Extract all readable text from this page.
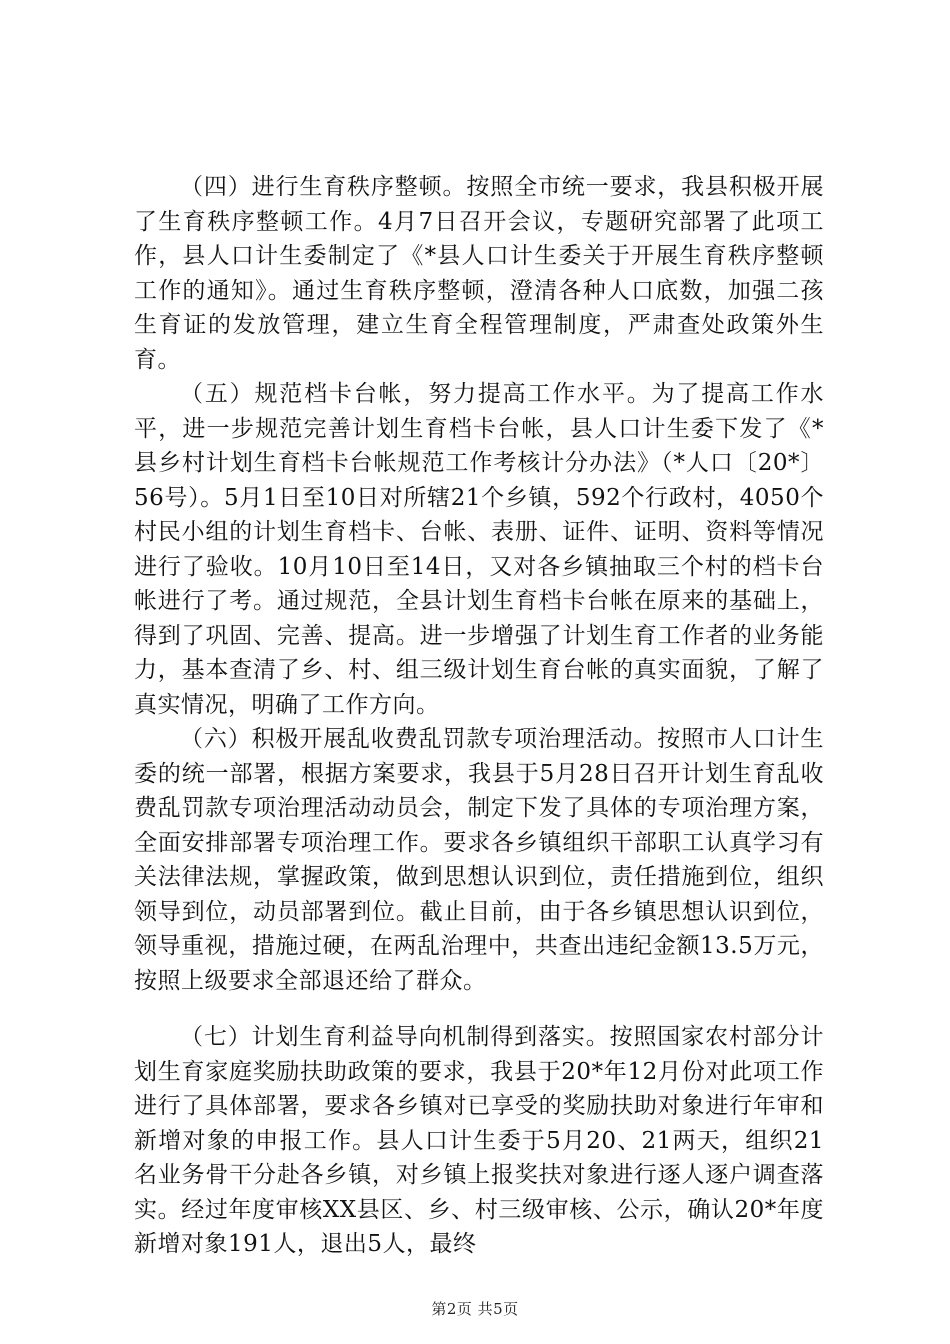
（四）进行生育秩序整顿。按照全市统一要求，我县积极开展了生育秩序整顿工作。4月7日召开会议，专题研究部署了此项工作，县人口计生委制定了《*县人口计生委关于开展生育秩序整顿工作的通知》。通过生育秩序整顿，澄清各种人口底数，加强二孩生育证的发放管理，建立生育全程管理制度，严肃查处政策外生育。

（五）规范档卡台帐，努力提高工作水平。为了提高工作水平，进一步规范完善计划生育档卡台帐，县人口计生委下发了《*县乡村计划生育档卡台帐规范工作考核计分办法》（*人口〔20*〕56号）。5月1日至10日对所辖21个乡镇，592个行政村，4050个村民小组的计划生育档卡、台帐、表册、证件、证明、资料等情况进行了验收。10月10日至14日，又对各乡镇抽取三个村的档卡台帐进行了考。通过规范，全县计划生育档卡台帐在原来的基础上，得到了巩固、完善、提高。进一步增强了计划生育工作者的业务能力，基本查清了乡、村、组三级计划生育台帐的真实面貌，了解了真实情况，明确了工作方向。

（六）积极开展乱收费乱罚款专项治理活动。按照市人口计生委的统一部署，根据方案要求，我县于5月28日召开计划生育乱收费乱罚款专项治理活动动员会，制定下发了具体的专项治理方案，全面安排部署专项治理工作。要求各乡镇组织干部职工认真学习有关法律法规，掌握政策，做到思想认识到位，责任措施到位，组织领导到位，动员部署到位。截止目前，由于各乡镇思想认识到位，领导重视，措施过硬，在两乱治理中，共查出违纪金额13.5万元，按照上级要求全部退还给了群众。

（七）计划生育利益导向机制得到落实。按照国家农村部分计划生育家庭奖励扶助政策的要求，我县于20*年12月份对此项工作进行了具体部署，要求各乡镇对已享受的奖励扶助对象进行年审和新增对象的申报工作。县人口计生委于5月20、21两天，组织21名业务骨干分赴各乡镇，对乡镇上报奖扶对象进行逐人逐户调查落实。经过年度审核XX县区、乡、村三级审核、公示，确认20*年度新增对象191人，退出5人，最终

第2页 共5页
